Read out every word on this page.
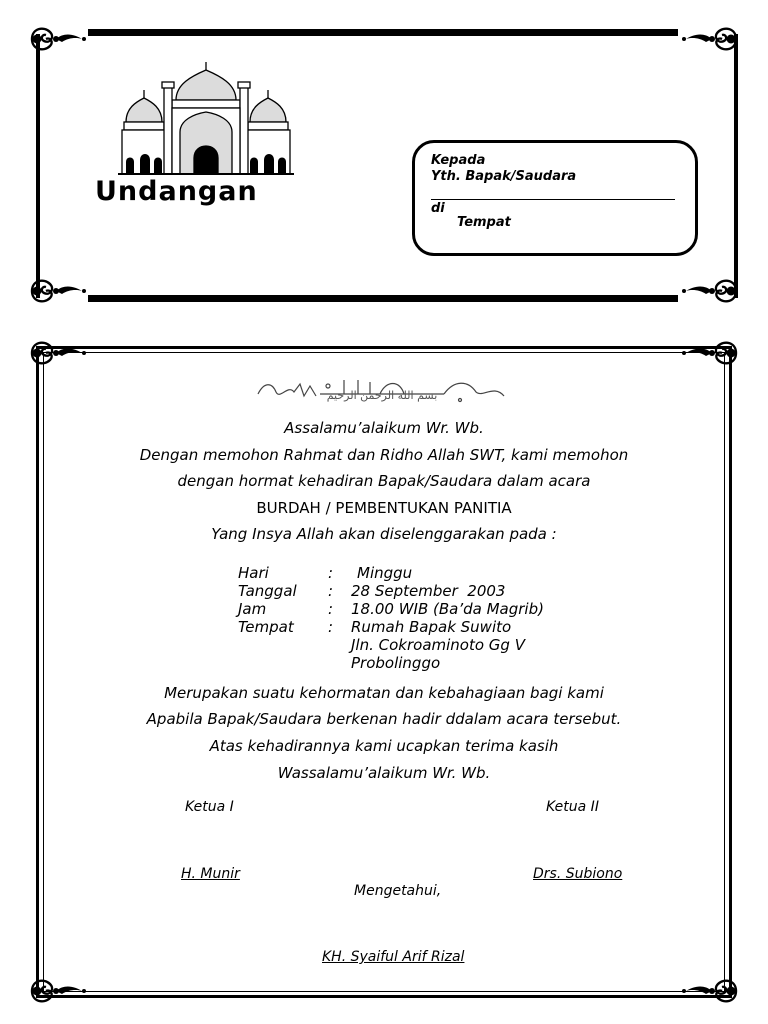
Undangan
Kepada
Yth. Bapak/Saudara
di
Tempat
بسم الله الرحمن الرحيم
Assalamu’alaikum Wr. Wb.
Dengan memohon Rahmat dan Ridho Allah SWT, kami memohon
dengan hormat kehadiran Bapak/Saudara dalam acara
BURDAH / PEMBENTUKAN PANITIA
Yang Insya Allah akan diselenggarakan pada :
Hari	: Minggu
Tanggal : 28 September  2003
Jam	: 18.00 WIB (Ba’da Magrib)
Tempat : Rumah Bapak Suwito
Jln. Cokroaminoto Gg V
Probolinggo
Merupakan suatu kehormatan dan kebahagiaan bagi kami
Apabila Bapak/Saudara berkenan hadir ddalam acara tersebut.
Atas kehadirannya kami ucapkan terima kasih
Wassalamu’alaikum Wr. Wb.
Ketua I	Ketua II
H. Munir	Drs. Subiono
Mengetahui,
KH. Syaiful Arif Rizal
